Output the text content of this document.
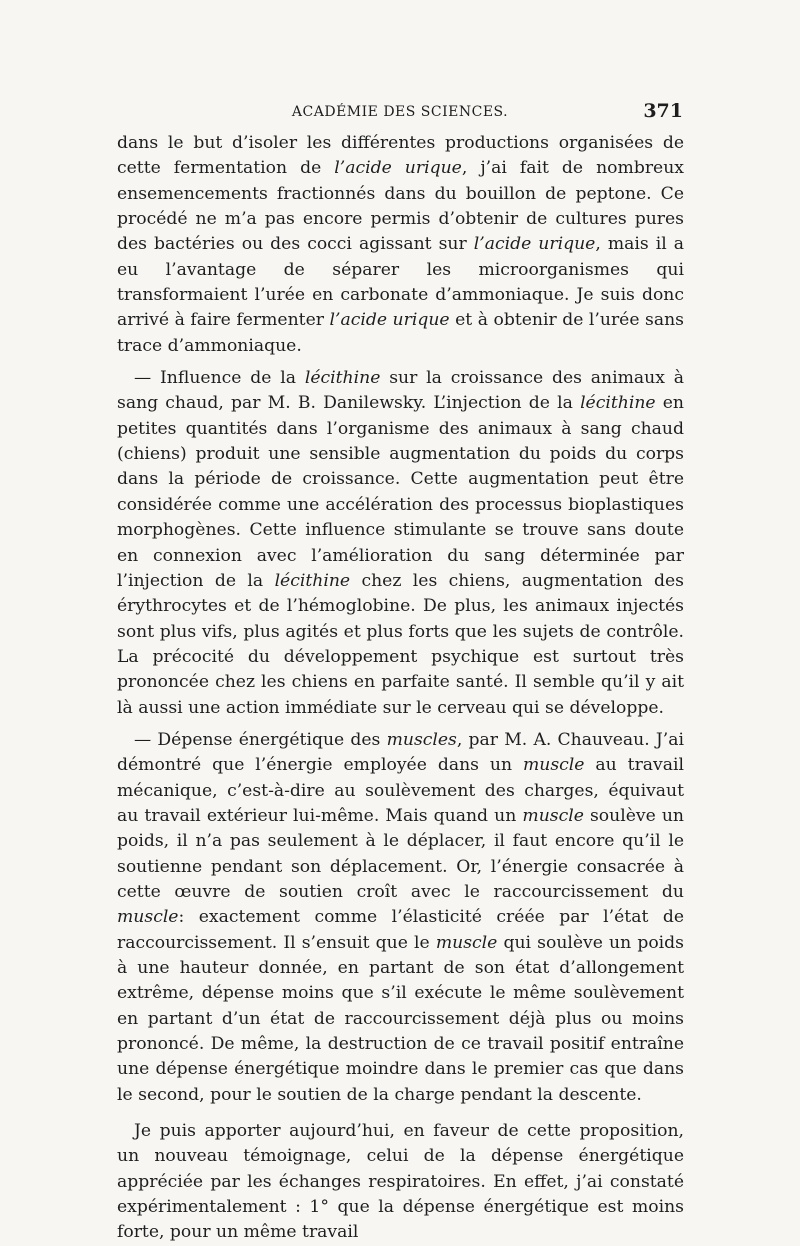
ACADÉMIE DES SCIENCES.	371

dans le but d’isoler les différentes productions organisées de cette fermentation de l’acide urique, j’ai fait de nombreux ensemencements fractionnés dans du bouillon de peptone. Ce procédé ne m’a pas encore permis d’obtenir de cultures pures des bactéries ou des cocci agissant sur l’acide urique, mais il a eu l’avantage de séparer les microorganismes qui transformaient l’urée en carbonate d’ammoniaque. Je suis donc arrivé à faire fermenter l’acide urique et à obtenir de l’urée sans trace d’ammoniaque.

— Influence de la lécithine sur la croissance des animaux à sang chaud, par M. B. Danilewsky. L’injection de la lécithine en petites quantités dans l’organisme des animaux à sang chaud (chiens) produit une sensible augmentation du poids du corps dans la période de croissance. Cette augmentation peut être considérée comme une accélération des processus bioplastiques morphogènes. Cette influence stimulante se trouve sans doute en connexion avec l’amélioration du sang déterminée par l’injection de la lécithine chez les chiens, augmentation des érythrocytes et de l’hémoglobine. De plus, les animaux injectés sont plus vifs, plus agités et plus forts que les sujets de contrôle. La précocité du développement psychique est surtout très prononcée chez les chiens en parfaite santé. Il semble qu’il y ait là aussi une action immédiate sur le cerveau qui se développe.

— Dépense énergétique des muscles, par M. A. Chauveau. J’ai démontré que l’énergie employée dans un muscle au travail mécanique, c’est-à-dire au soulèvement des charges, équivaut au travail extérieur lui-même. Mais quand un muscle soulève un poids, il n’a pas seulement à le déplacer, il faut encore qu’il le soutienne pendant son déplacement. Or, l’énergie consacrée à cette œuvre de soutien croît avec le raccourcissement du muscle: exactement comme l’élasticité créée par l’état de raccourcissement. Il s’ensuit que le muscle qui soulève un poids à une hauteur donnée, en partant de son état d’allongement extrême, dépense moins que s’il exécute le même soulèvement en partant d’un état de raccourcissement déjà plus ou moins prononcé. De même, la destruction de ce travail positif entraîne une dépense énergétique moindre dans le premier cas que dans le second, pour le soutien de la charge pendant la descente.

Je puis apporter aujourd’hui, en faveur de cette proposition, un nouveau témoignage, celui de la dépense énergétique appréciée par les échanges respiratoires. En effet, j’ai constaté expérimentalement : 1° que la dépense énergétique est moins forte, pour un même travail
